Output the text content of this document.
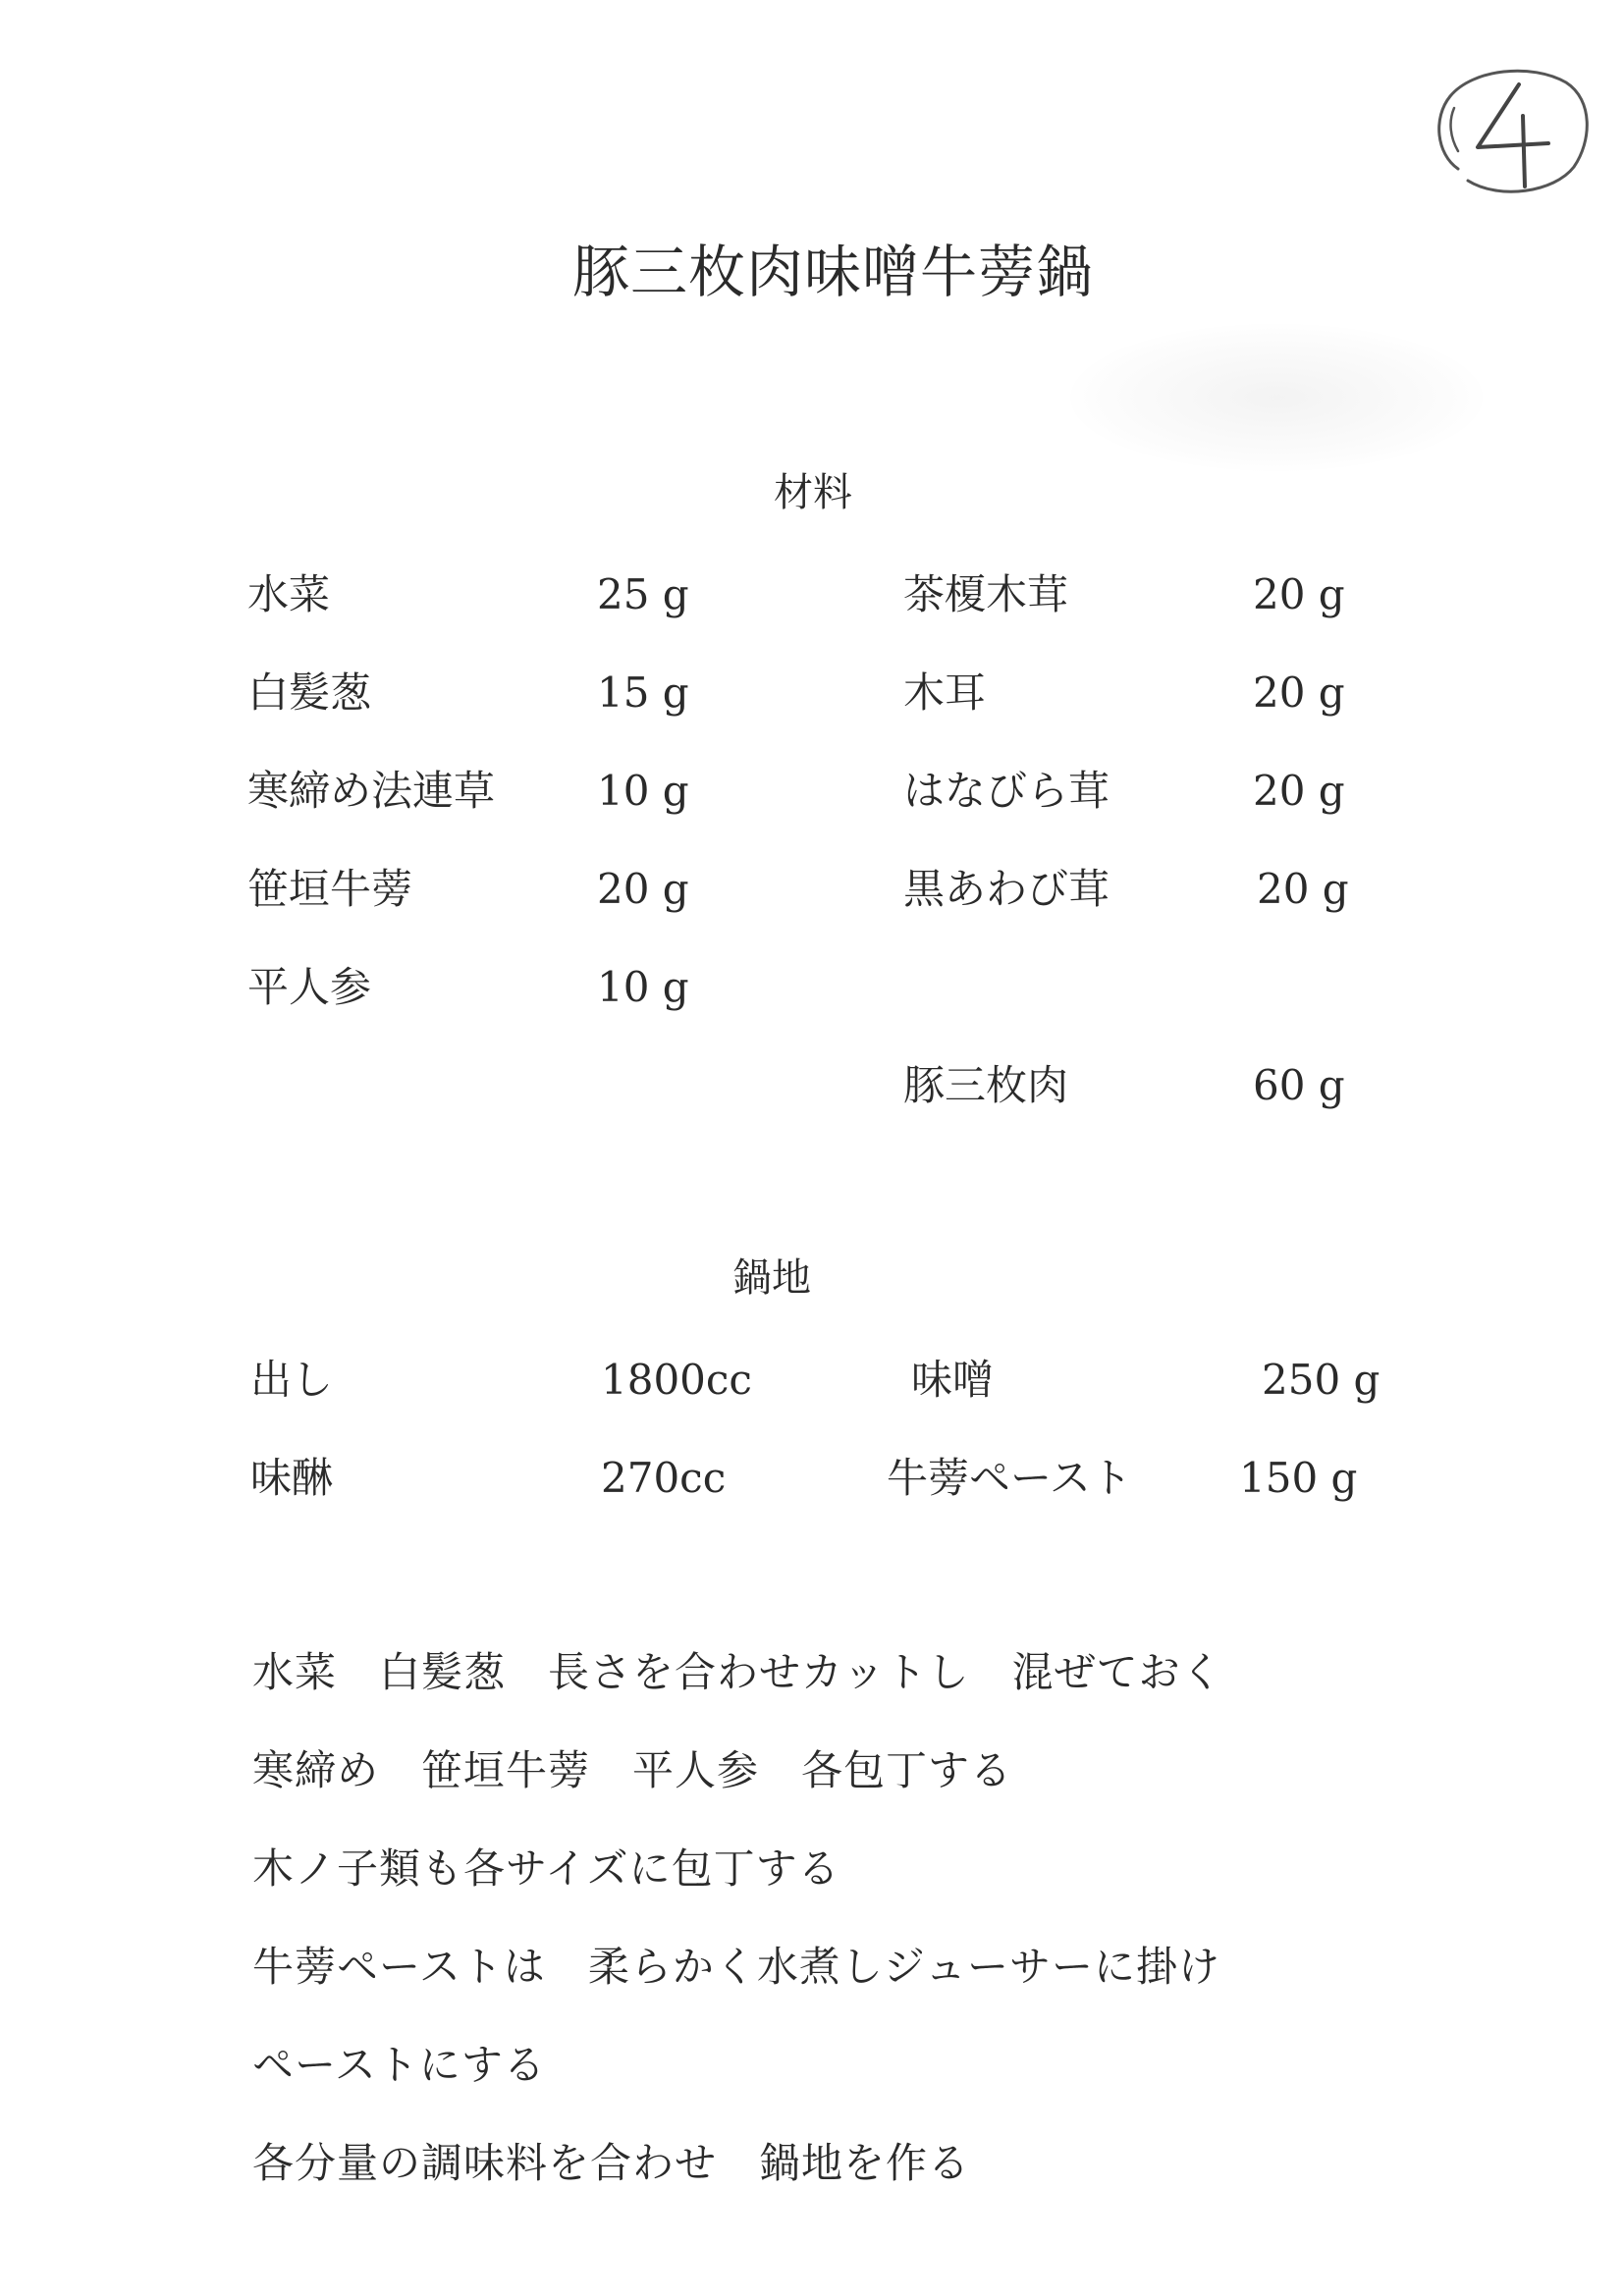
豚三枚肉味噌牛蒡鍋
材料
水菜	25 g
白髪葱	15 g
寒締め法連草 10 g
笹垣牛蒡	20 g
平人参	10 g
茶榎木茸	20 g
木耳	20 g
はなびら茸	20 g
黒あわび茸	20 g
豚三枚肉	60 g
鍋地
出し	1800cc	味噌	250 g
味醂	270cc	牛蒡ペースト	150 g
水菜　白髪葱　長さを合わせカットし　混ぜておく
寒締め　笹垣牛蒡　平人参　各包丁する
木ノ子類も各サイズに包丁する
牛蒡ペーストは　柔らかく水煮しジューサーに掛け
ペーストにする
各分量の調味料を合わせ　鍋地を作る
